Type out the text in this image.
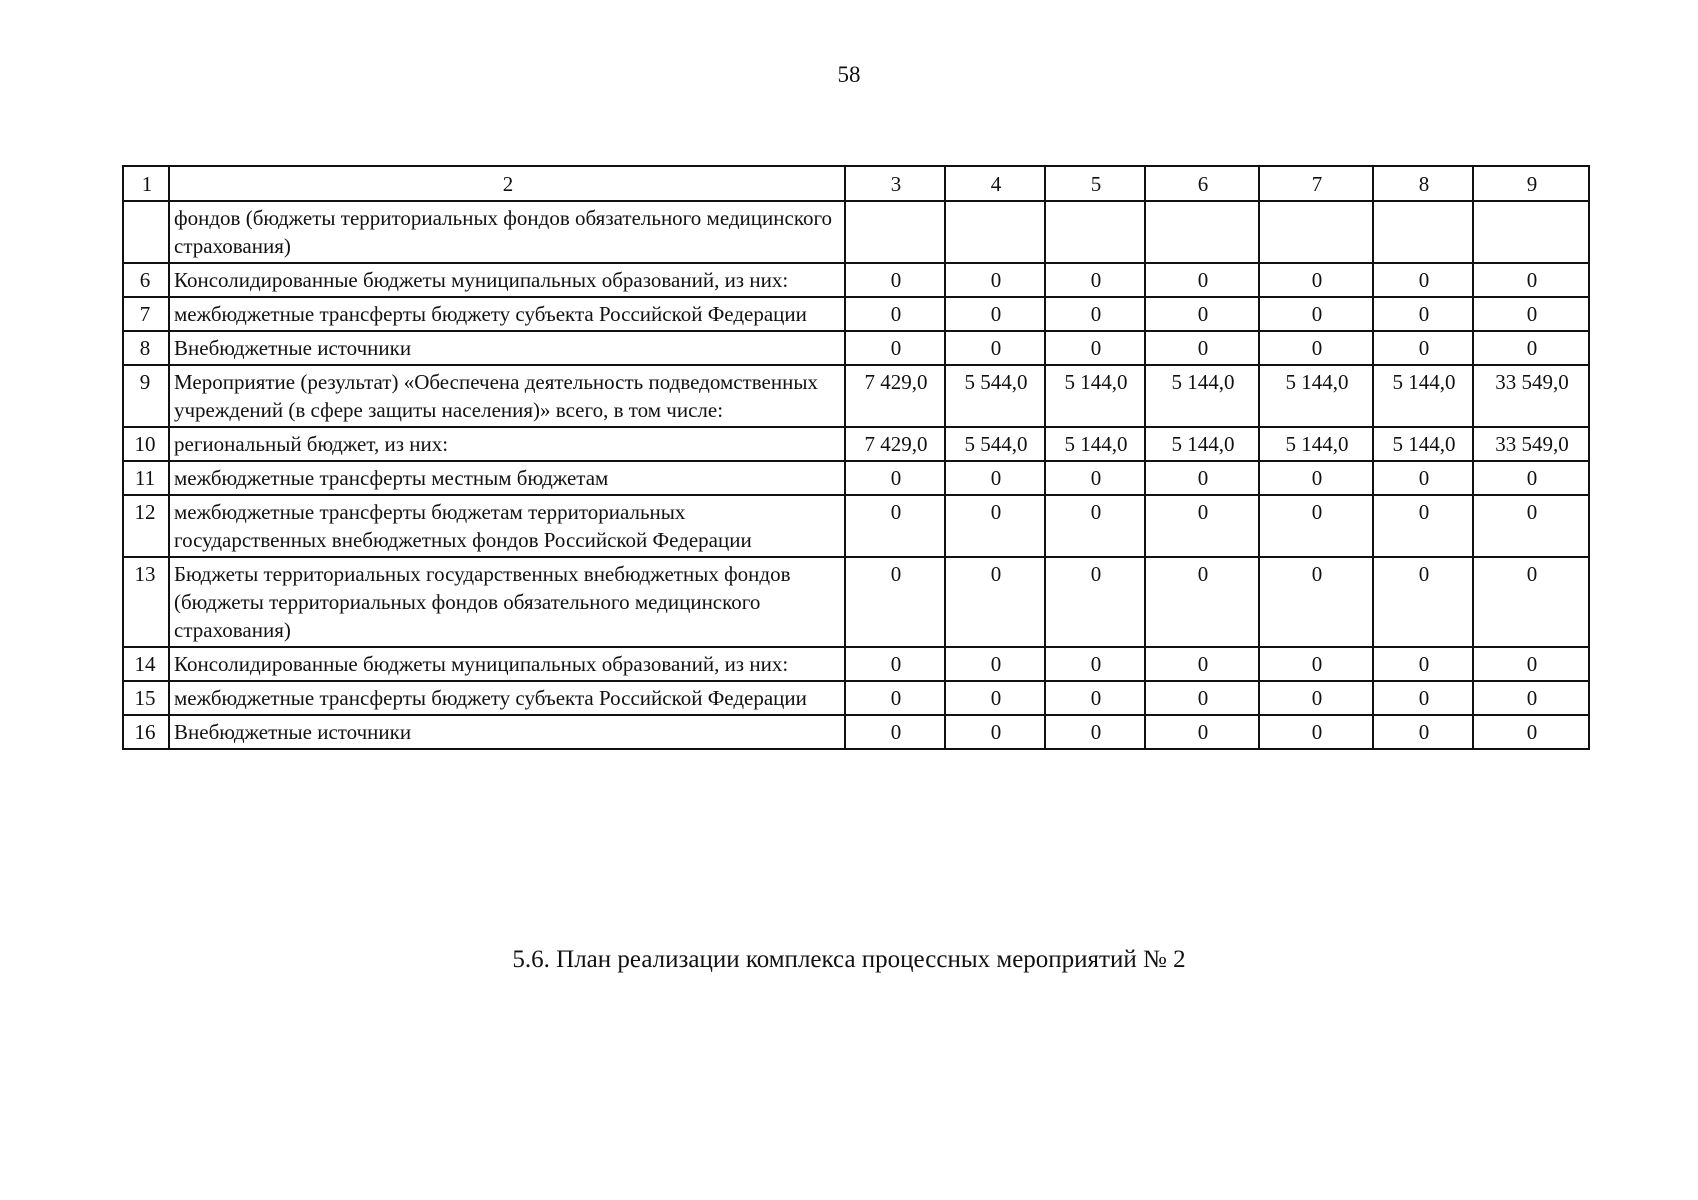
58
1	2	3	4	5	6	7	8	9
	фондов (бюджеты территориальных фондов обязательного медицинского страхования)							
6	Консолидированные бюджеты муниципальных образований, из них:	0	0	0	0	0	0	0
7	межбюджетные трансферты бюджету субъекта Российской Федерации	0	0	0	0	0	0	0
8	Внебюджетные источники	0	0	0	0	0	0	0
9	Мероприятие (результат) «Обеспечена деятельность подведомственных учреждений (в сфере защиты населения)» всего, в том числе:	7 429,0	5 544,0	5 144,0	5 144,0	5 144,0	5 144,0	33 549,0
10	региональный бюджет, из них:	7 429,0	5 544,0	5 144,0	5 144,0	5 144,0	5 144,0	33 549,0
11	межбюджетные трансферты местным бюджетам	0	0	0	0	0	0	0
12	межбюджетные трансферты бюджетам территориальных государственных внебюджетных фондов Российской Федерации	0	0	0	0	0	0	0
13	Бюджеты территориальных государственных внебюджетных фондов (бюджеты территориальных фондов обязательного медицинского страхования)	0	0	0	0	0	0	0
14	Консолидированные бюджеты муниципальных образований, из них:	0	0	0	0	0	0	0
15	межбюджетные трансферты бюджету субъекта Российской Федерации	0	0	0	0	0	0	0
16	Внебюджетные источники	0	0	0	0	0	0	0
5.6. План реализации комплекса процессных мероприятий № 2
